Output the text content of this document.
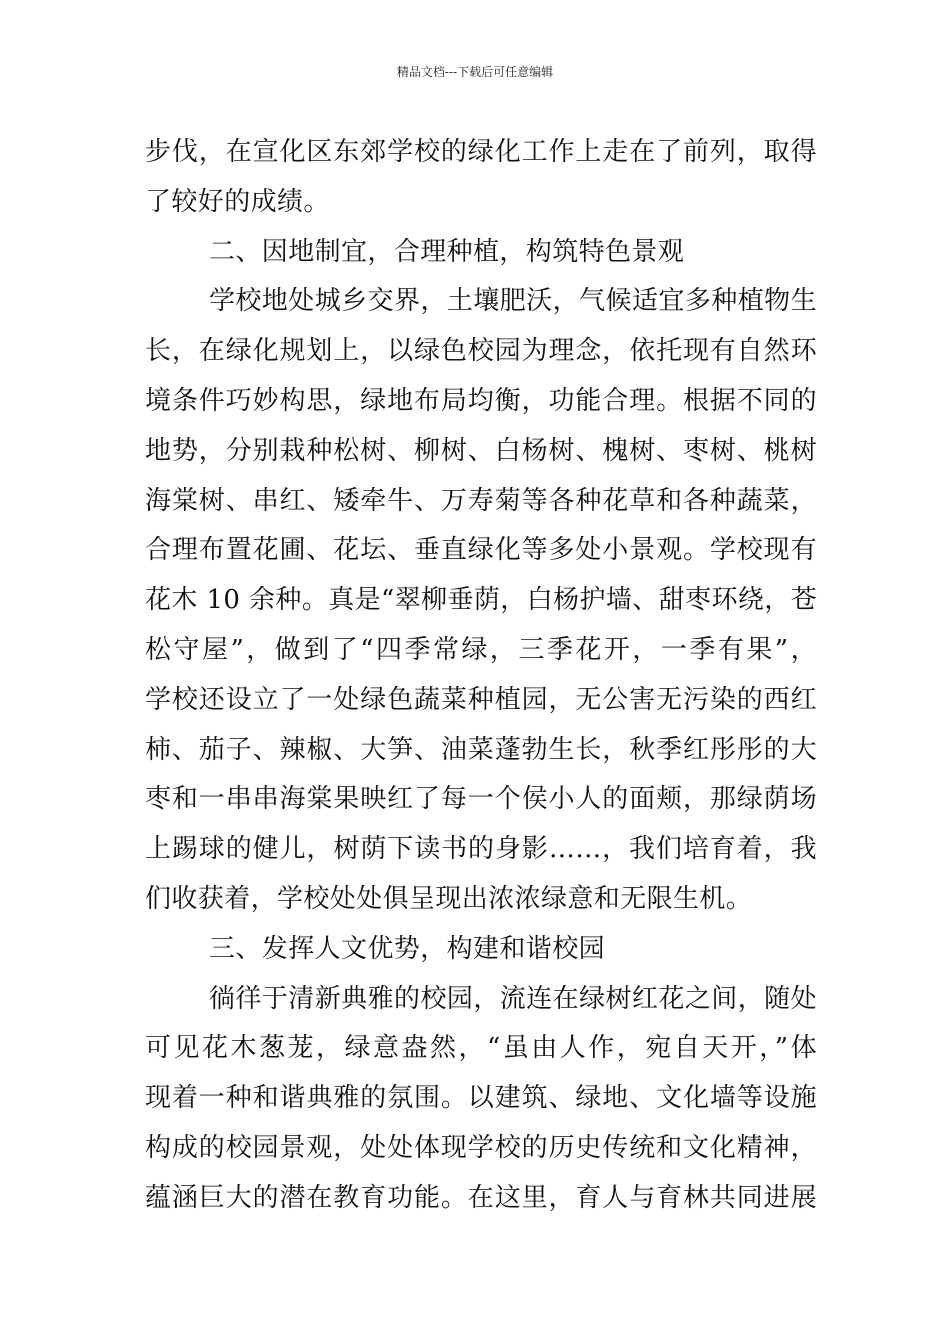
精品文档---下载后可任意编辑
步伐，在宣化区东郊学校的绿化工作上走在了前列，取得
了较好的成绩。
二、因地制宜，合理种植，构筑特色景观
学校地处城乡交界，土壤肥沃，气候适宜多种植物生
长，在绿化规划上，以绿色校园为理念，依托现有自然环
境条件巧妙构思，绿地布局均衡，功能合理。根据不同的
地势，分别栽种松树、柳树、白杨树、槐树、枣树、桃树
海棠树、串红、矮牵牛、万寿菊等各种花草和各种蔬菜，
合理布置花圃、花坛、垂直绿化等多处小景观。学校现有
花木 10 余种。真是“翠柳垂荫，白杨护墙、甜枣环绕，苍
松守屋”，做到了“四季常绿，三季花开，一季有果”，
学校还设立了一处绿色蔬菜种植园，无公害无污染的西红
柿、茄子、辣椒、大笋、油菜蓬勃生长，秋季红彤彤的大
枣和一串串海棠果映红了每一个侯小人的面颊，那绿荫场
上踢球的健儿，树荫下读书的身影……，我们培育着，我
们收获着，学校处处俱呈现出浓浓绿意和无限生机。
三、发挥人文优势，构建和谐校园
徜徉于清新典雅的校园，流连在绿树红花之间，随处
可见花木葱茏，绿意盎然，“虽由人作，宛自天开，”体
现着一种和谐典雅的氛围。以建筑、绿地、文化墙等设施
构成的校园景观，处处体现学校的历史传统和文化精神，
蕴涵巨大的潜在教育功能。在这里，育人与育林共同进展
